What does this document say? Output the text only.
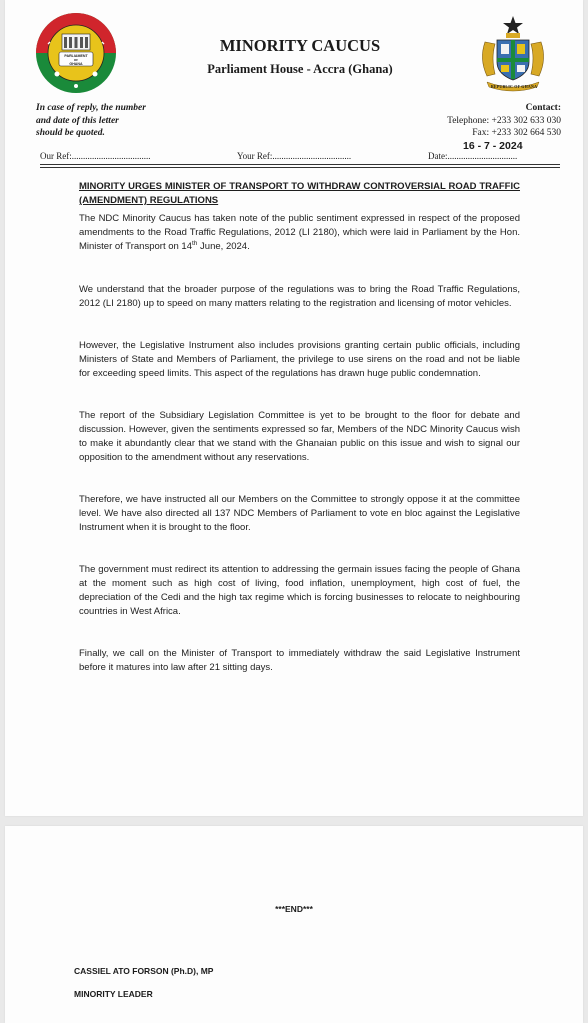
PARLIAMENT
OF
GHANA
REPUBLIC OF GHANA
MINORITY CAUCUS
Parliament House - Accra (Ghana)
In case of reply, the number
and date of this letter
should be quoted.
Contact:
Telephone: +233 302 633 030
Fax: +233 302 664 530
16 - 7 - 2024
Our Ref:...................................	Your Ref:...................................	Date:...............................
MINORITY URGES MINISTER OF TRANSPORT TO WITHDRAW CONTROVERSIAL ROAD TRAFFIC (AMENDMENT) REGULATIONS

The NDC Minority Caucus has taken note of the public sentiment expressed in respect of the proposed amendments to the Road Traffic Regulations, 2012 (LI 2180), which were laid in Parliament by the Hon. Minister of Transport on 14th June, 2024.

We understand that the broader purpose of the regulations was to bring the Road Traffic Regulations, 2012 (LI 2180) up to speed on many matters relating to the registration and licensing of motor vehicles.

However, the Legislative Instrument also includes provisions granting certain public officials, including Ministers of State and Members of Parliament, the privilege to use sirens on the road and not be liable for exceeding speed limits. This aspect of the regulations has drawn huge public condemnation.

The report of the Subsidiary Legislation Committee is yet to be brought to the floor for debate and discussion. However, given the sentiments expressed so far, Members of the NDC Minority Caucus wish to make it abundantly clear that we stand with the Ghanaian public on this issue and wish to signal our opposition to the amendment without any reservations.

Therefore, we have instructed all our Members on the Committee to strongly oppose it at the committee level. We have also directed all 137 NDC Members of Parliament to vote en bloc against the Legislative Instrument when it is brought to the floor.

The government must redirect its attention to addressing the germain issues facing the people of Ghana at the moment such as high cost of living, food inflation, unemployment, high cost of fuel, the depreciation of the Cedi and the high tax regime which is forcing businesses to relocate to neighbouring countries in West Africa.

Finally, we call on the Minister of Transport to immediately withdraw the said Legislative Instrument before it matures into law after 21 sitting days.

***END***
CASSIEL ATO FORSON (Ph.D), MP
MINORITY LEADER
